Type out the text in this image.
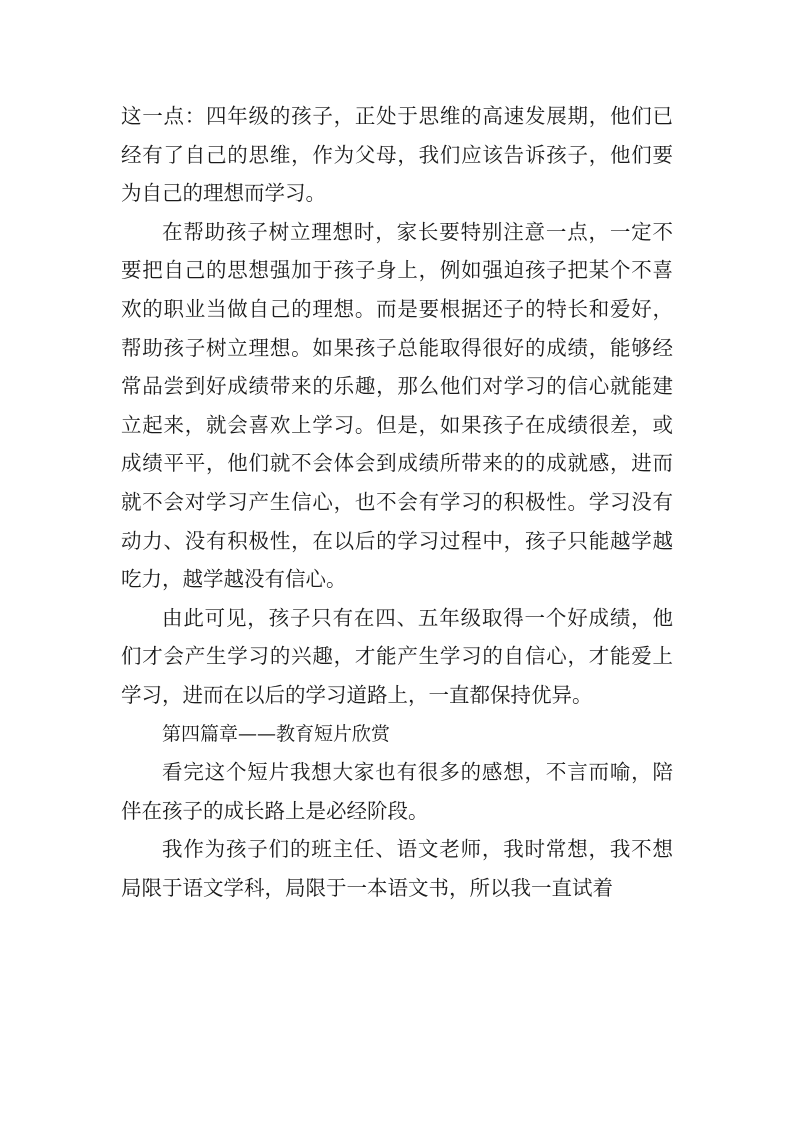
这一点：四年级的孩子，正处于思维的高速发展期，他们已经有了自己的思维，作为父母，我们应该告诉孩子，他们要为自己的理想而学习。

在帮助孩子树立理想时，家长要特别注意一点，一定不要把自己的思想强加于孩子身上，例如强迫孩子把某个不喜欢的职业当做自己的理想。而是要根据还子的特长和爱好，帮助孩子树立理想。如果孩子总能取得很好的成绩，能够经常品尝到好成绩带来的乐趣，那么他们对学习的信心就能建立起来，就会喜欢上学习。但是，如果孩子在成绩很差，或成绩平平，他们就不会体会到成绩所带来的的成就感，进而就不会对学习产生信心，也不会有学习的积极性。学习没有动力、没有积极性，在以后的学习过程中，孩子只能越学越吃力，越学越没有信心。

由此可见，孩子只有在四、五年级取得一个好成绩，他们才会产生学习的兴趣，才能产生学习的自信心，才能爱上学习，进而在以后的学习道路上，一直都保持优异。

第四篇章——教育短片欣赏

看完这个短片我想大家也有很多的感想，不言而喻，陪伴在孩子的成长路上是必经阶段。

我作为孩子们的班主任、语文老师，我时常想，我不想局限于语文学科，局限于一本语文书，所以我一直试着
